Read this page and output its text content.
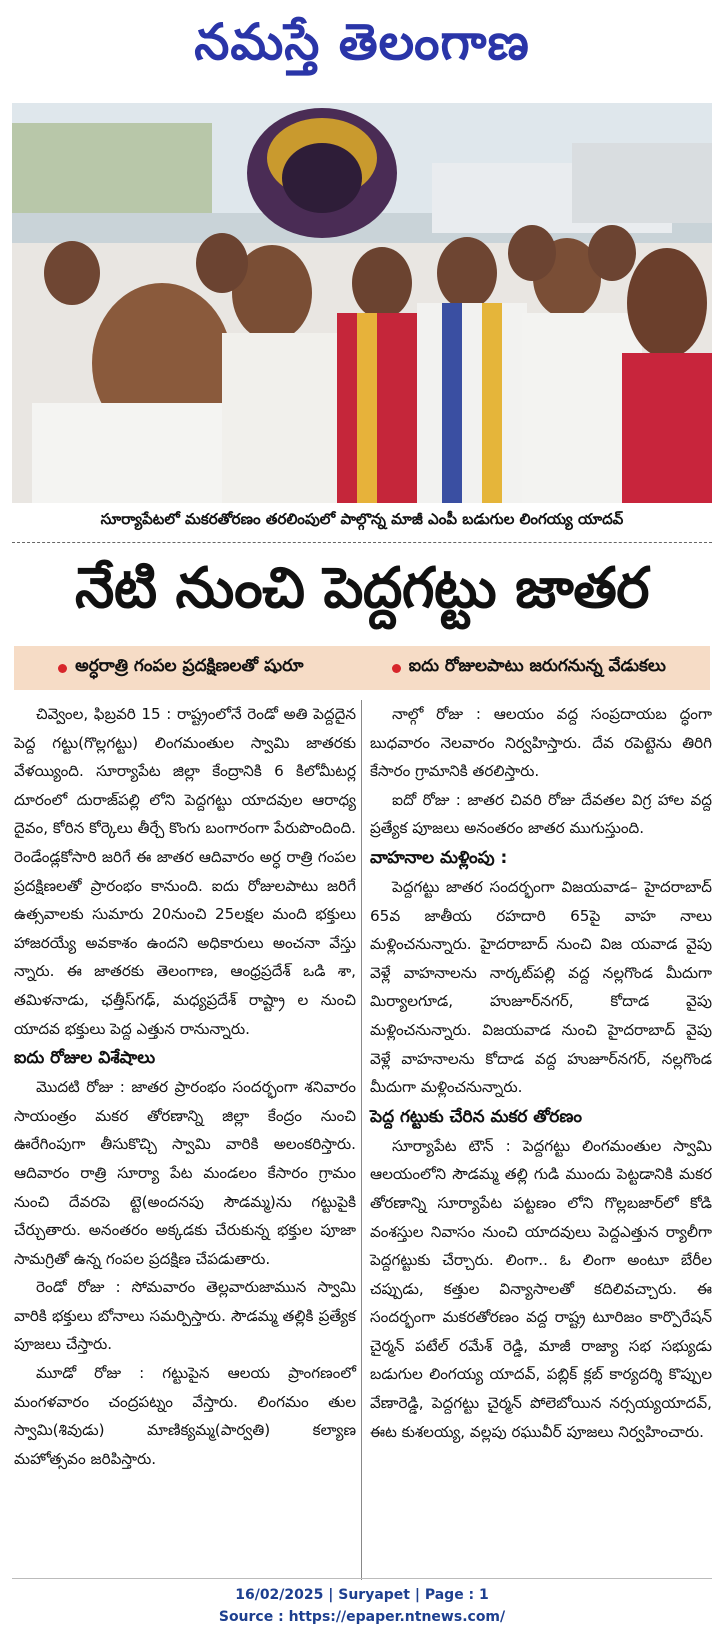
నమస్తే తెలంగాణ
సూర్యాపేటలో మకరతోరణం తరలింపులో పాల్గొన్న మాజీ ఎంపీ బడుగుల లింగయ్య యాదవ్
నేటి నుంచి పెద్దగట్టు జాతర
అర్ధరాత్రి గంపల ప్రదక్షిణలతో షురూ	ఐదు రోజులపాటు జరుగనున్న వేడుకలు

చివ్వెంల, ఫిబ్రవరి 15 : రాష్ట్రంలోనే రెండో అతి పెద్దదైన పెద్ద గట్టు(గొల్లగట్టు) లింగమంతుల స్వామి జాతరకు వేళయ్యింది. సూర్యాపేట జిల్లా కేంద్రానికి 6 కిలోమీటర్ల దూరంలో దురాజ్‌పల్లి లోని పెద్దగట్టు యాదవుల ఆరాధ్య దైవం, కోరిన కోర్కెలు తీర్చే కొంగు బంగారంగా పేరుపొందింది. రెండేండ్లకోసారి జరిగే ఈ జాతర ఆదివారం అర్ధ రాత్రి గంపల ప్రదక్షిణలతో ప్రారంభం కానుంది. ఐదు రోజులపాటు జరిగే ఉత్సవాలకు సుమారు 20నుంచి 25లక్షల మంది భక్తులు హాజరయ్యే అవకాశం ఉందని అధికారులు అంచనా వేస్తు న్నారు. ఈ జాతరకు తెలంగాణ, ఆంధ్రప్రదేశ్ ఒడి శా, తమిళనాడు, ఛత్తీస్‌గఢ్, మధ్యప్రదేశ్ రాష్ట్రా ల నుంచి యాదవ భక్తులు పెద్ద ఎత్తున రానున్నారు.

ఐదు రోజుల విశేషాలు

మొదటి రోజు : జాతర ప్రారంభం సందర్భంగా శనివారం సాయంత్రం మకర తోరణాన్ని జిల్లా కేంద్రం నుంచి ఊరేగింపుగా తీసుకొచ్చి స్వామి వారికి అలంకరిస్తారు. ఆదివారం రాత్రి సూర్యా పేట మండలం కేసారం గ్రామం నుంచి దేవరపె ట్టె(అందనపు సౌడమ్మ)ను గట్టుపైకి చేర్చుతారు. అనంతరం అక్కడకు చేరుకున్న భక్తుల పూజా సామగ్రితో ఉన్న గంపల ప్రదక్షిణ చేపడుతారు.

రెండో రోజు : సోమవారం తెల్లవారుజామున స్వామి వారికి భక్తులు బోనాలు సమర్పిస్తారు. సౌడమ్మ తల్లికి ప్రత్యేక పూజలు చేస్తారు.

మూడో రోజు : గట్టుపైన ఆలయ ప్రాంగణంలో మంగళవారం చంద్రపట్నం వేస్తారు. లింగమం తుల స్వామి(శివుడు) మాణిక్యమ్మ(పార్వతి) కల్యాణ మహోత్సవం జరిపిస్తారు.

నాల్గో రోజు : ఆలయం వద్ద సంప్రదాయబ ద్ధంగా బుధవారం నెలవారం నిర్వహిస్తారు. దేవ రపెట్టెను తిరిగి కేసారం గ్రామానికి తరలిస్తారు.

ఐదో రోజు : జాతర చివరి రోజు దేవతల విగ్ర హాల వద్ద ప్రత్యేక పూజలు అనంతరం జాతర ముగుస్తుంది.

వాహనాల మళ్లింపు :

పెద్దగట్టు జాతర సందర్భంగా విజయవాడ– హైదరాబాద్ 65వ జాతీయ రహదారి 65పై వాహ నాలు మళ్లించనున్నారు. హైదరాబాద్ నుంచి విజ యవాడ వైపు వెళ్లే వాహనాలను నార్కట్‌పల్లి వద్ద నల్లగొండ మీదుగా మిర్యాలగూడ, హుజూర్‌నగర్, కోదాడ వైపు మళ్లించనున్నారు. విజయవాడ నుంచి హైదరాబాద్ వైపు వెళ్లే వాహనాలను కోదాడ వద్ద హుజూర్‌నగర్, నల్లగొండ మీదుగా మళ్లించనున్నారు.

పెద్ద గట్టుకు చేరిన మకర తోరణం

సూర్యాపేట టౌన్ : పెద్దగట్టు లింగమంతుల స్వామి ఆలయంలోని సౌడమ్మ తల్లి గుడి ముందు పెట్టడానికి మకర తోరణాన్ని సూర్యాపేట పట్టణం లోని గొల్లబజార్‌లో కోడి వంశస్తుల నివాసం నుంచి యాదవులు పెద్దఎత్తున ర్యాలీగా పెద్దగట్టుకు చేర్చారు. లింగా.. ఓ లింగా అంటూ బేరీల చప్పుడు, కత్తుల విన్యాసాలతో కదిలివచ్చారు. ఈ సందర్భంగా మకరతోరణం వద్ద రాష్ట్ర టూరిజం కార్పొరేషన్ చైర్మన్ పటేల్ రమేశ్ రెడ్డి, మాజీ రాజ్యా సభ సభ్యుడు బడుగుల లింగయ్య యాదవ్, పబ్లిక్ క్లబ్ కార్యదర్శి కొప్పుల వేణారెడ్డి, పెద్దగట్టు చైర్మన్ పోలెబోయిన నర్సయ్యయాదవ్, ఈట కుశలయ్య, వల్లపు రఘువీర్ పూజలు నిర్వహించారు.

16/02/2025 | Suryapet | Page : 1
Source : https://epaper.ntnews.com/
